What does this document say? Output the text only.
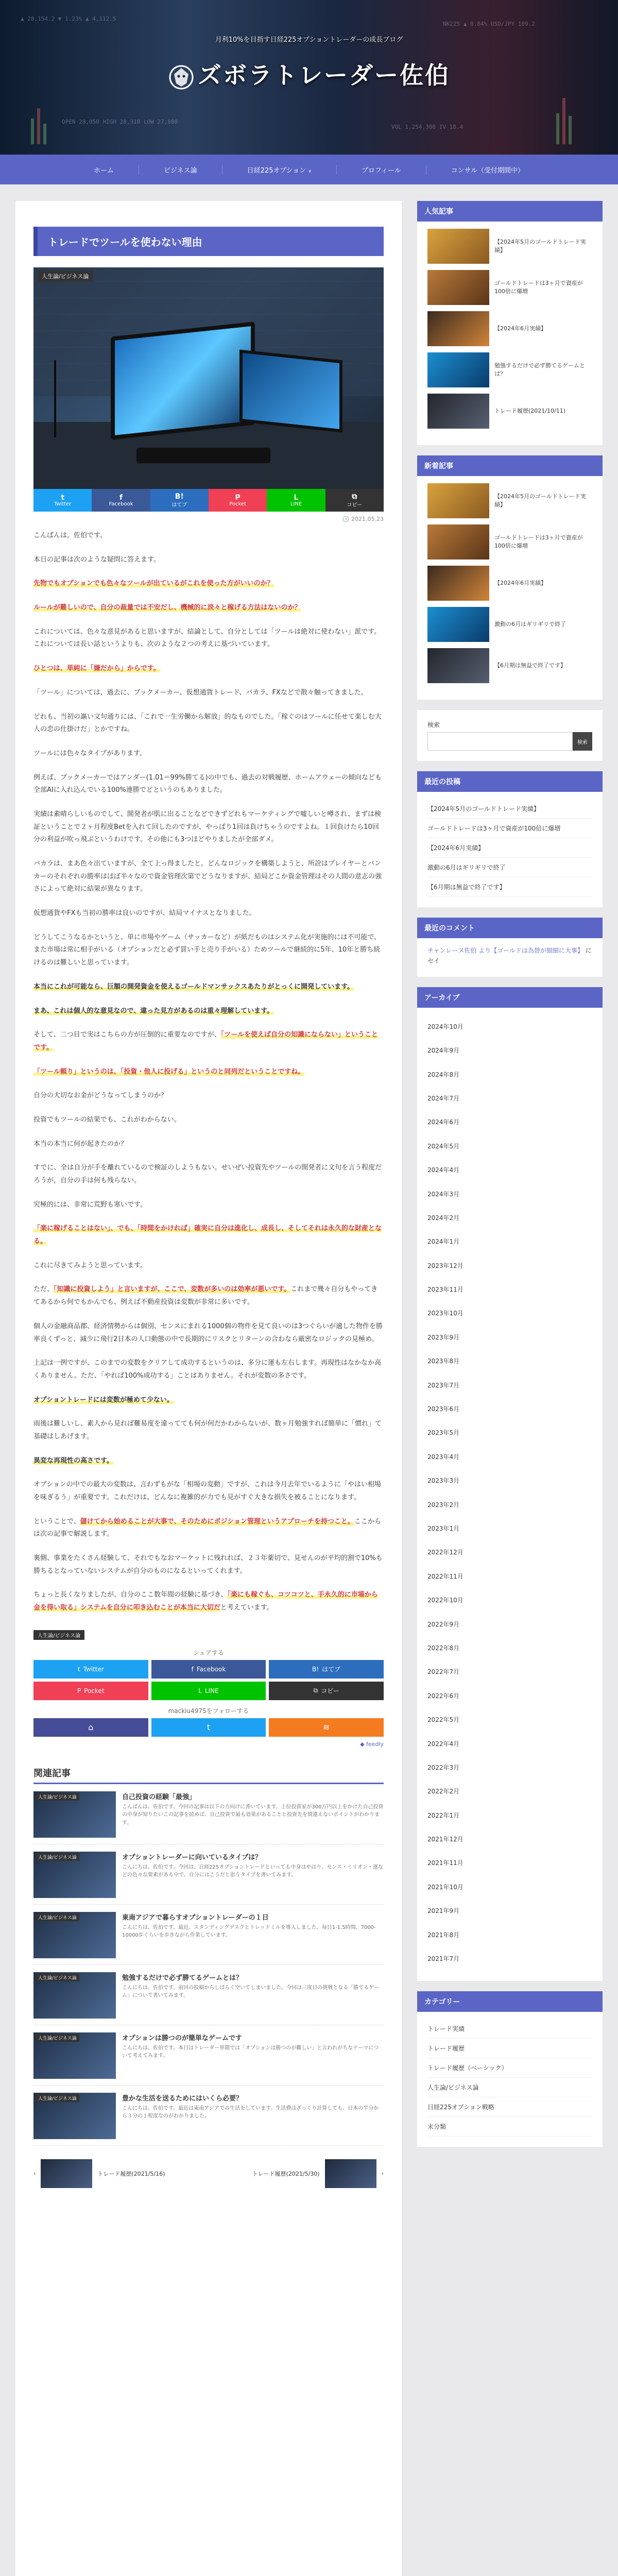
▲ 28,154.2 ▼ 1.23% ▲ 4,112.5
NK225 ▲ 0.84% USD/JPY 109.2
OPEN 28,050 HIGH 28,310 LOW 27,980
VOL 1,254,300 IV 18.4
月利10%を目指す日経225オプショントレーダーの成長ブログ
ズボラトレーダー佐伯
ホーム	ビジネス論	日経225オプション ∨	プロフィール	コンサル（受付期間中）
トレードでツールを使わない理由
人生論/ビジネス論
t
Twitter
f
Facebook
B!
はてブ
P
Pocket
L
LINE
⧉
コピー
🕓 2021.05.23

こんばんは。佐伯です。

本日の記事は次のような疑問に答えます。

先物でもオプションでも色々なツールが出ているがこれを使った方がいいのか？

ルールが難しいので、自分の裁量では不安だし、機械的に淡々と稼げる方法はないのか？

これについては、色々な意見があると思いますが、結論として、自分としては「ツールは絶対に使わない」派です。これについては長い話というよりも、次のような２つの考えに基づいています。

ひとつは、単純に「嫌だから」からです。

「ツール」については、過去に、ブックメーカー、仮想通貨トレード、バカラ、FXなどで散々触ってきました。

どれも、当初の謳い文句通りには、「これで一生労働から解放」的なものでした。「稼ぐのはツールに任せて楽しむ大人の恋の仕掛けだ」とかですね。

ツールには色々なタイプがあります。

例えば、ブックメーカーではアンダー(1.01＝99%勝てる)の中でも、過去の対戦履歴、ホームアウェーの傾向なども全部AIに入れ込んでいる100%連勝でどというのもありました。

実績は素晴らしいものでして、開発者が肌に出ることなどできずどれもマーケティングで嘘しいと噂され、まずは検証ということで２ヶ月程度Betを入れて回したのですが、やっぱり1回は負けちゃうのですよね。１回負けたら10回分の利益が吹っ飛ぶというわけです。その他にも3つほどやりましたが全部ダメ。

バカラは、まあ色々出ていますが、全て上っ得ましたと。どんなロジックを構築しようと、所詮はプレイヤーとバンカーのそれぞれの勝率はほぼ半々なので資金管理次第でどうなりますが、結局どこか資金管理はその人間の意志の強さによって絶対に結果が異なります。

仮想通貨やFXも当初の勝率は良いのですが、結局マイナスとなりました。

どうしてこうなるかというと、単に市場やゲーム（サッカーなど）が紙だものはシステム化が実施的には不可能で、また市場は常に相手がいる（オプションだと必ず買い手と売り手がいる）ためツールで継続的に5年、10年と勝ち続けるのは難しいと思っています。

本当にこれが可能なら、巨額の開発資金を使えるゴールドマンサックスあたりがとっくに開発しています。

まあ、これは個人的な意見なので、違った見方があるのは重々理解しています。

そして、二つ目で実はこちらの方が圧倒的に重要なのですが、「ツールを使えば自分の知識にならない」ということです。

「ツール頼り」というのは、「投資・他人に投げる」というのと同列だということですね。

自分の大切なお金がどうなってしまうのか？

投資でもツールの結果でも、これがわからない。

本当の本当に何が起きたのか？

すでに、全は自分が手を離れているので検証のしようもない。せいぜい投資先やツールの開発者に文句を言う程度だろうが，自分の手は何も残らない。

究極的には、非常に荒野も寒いです。

「楽に稼げることはない」、でも、「時間をかければ」確実に自分は進化し、成長し、そしてそれは永久的な財産となる。

これに尽きてみようと思っています。

ただ、「知識に投資しよう」と言いますが、ここで、変数が多いのは効率が悪いです。これまで幾々自分もやってきてあるから何でもかんでも、例えば不動産投資は変数が非常に多いです。

個人の金融商品郡、経済情勢からは個別、センスにまれる1000個の物件を見て良いのは3つぐらいが適した物件を勝率良くずっと、減少に飛行2日本の人口動態の中で長期的にリスクとリターンの合わなら厳密なロジックの見極め。

上記は一例ですが、このまでの変数をクリアして成功するというのは、多分に運も左右します。再現性はなかなか高くありません。ただ、「やれば100%成功する」ことはありません。それが変数の多さです。

オプショントレードには変数が極めて少ない。

雨後は難しいし、素人から見れば難易度を違ってても何が何だかわからないが、数ヶ月勉強すれば簡単に「慣れ」て基礎はしあげます。

異変な再現性の高さです。

オプションの中での最大の変数は、言わずもがな「相場の変動」ですが、これは今月去年でいるように「やはい相場を味ぎるう」が重要です。これだけは、どんなに複雑的が力でも見がすぐ大きな損失を被ることになります。

ということで、儲けてから始めることが大事で、そのためにポジション管理というアプローチを持つこと。ここからは次の記事で解説します。

裏側、事業をたくさん経験して、それでもなおマーケットに残れれば、２３年薬切で、見せんのが平均的割で10%も勝ちるとなっていないシステムが自分のものになるといってくれます。

ちょっと長くなりましたが、自分のここ数年間の経験に基づき、「楽にも稼ぐも、コツコツと、手永久的に市場から金を得い取る」システムを自分に叩き込むことが本当に大切だと考えています。

人生論/ビジネス論
シェアする
t Twitter	f Facebook	B! はてブ
P Pocket	L LINE	⧉ コピー
mackiu4975をフォローする
⌂	t	≋
◆ feedly
関連記事
人生論/ビジネス論	自己投資の経験「最強」
こんばんは、佐伯です。今回の記事は以下の方向けに書いています。上位投資家が300万円以上をかけた自己投資の中身が知りたいこの記事を読めば、自己投資で最も効果があることと投資先を間違えないポイントがわかります。
人生論/ビジネス論	オプショントレーダーに向いているタイプは？
こんにちは、佐伯です。今回は、日経225オプショントレードといっても中身はやはり、センス・ミリオン・運などの色々な要素がある中で、自分にはこうだと思うタイプを書いてみます。
人生論/ビジネス論	東南アジアで暮らすオプショントレーダーの１日
こんにちは、佐伯です。最近、スタンディングデスクとトレッドミルを導入しました。毎日1-1.5時間、7000-10000歩ぐらいを歩きながら作業しています。
人生論/ビジネス論	勉強するだけで必ず勝てるゲームとは？
こんにちは、佐伯です。前回の投稿からしばらく空いてしまいました。今回は三度目の挑戦となる「勝てるゲーム」について書いてみます。
人生論/ビジネス論	オプションは勝つのが簡単なゲームです
こんにちは、佐伯です。本日はトレーダー界隈では「オプションは勝つのが難しい」と言われがちなテーマについて考えてみます。
人生論/ビジネス論	豊かな生活を送るためにはいくら必要？
こんにちは、佐伯です。最近は東南アジアでの生活をしています。生活費はざっくり計算しても、日本の半分から３分の１程度なのがわかりました。
‹	トレード履歴(2021/5/16)	トレード履歴(2021/5/30)	›
人気記事
【2024年5月のゴールドトレード実績】
ゴールドトレードは3ヶ月で資産が100倍に爆増
【2024年6月実績】
勉強するだけで必ず勝てるゲームとは？
トレード履歴(2021/10/11)
新着記事
【2024年5月のゴールドトレード実績】
ゴールドトレードは3ヶ月で資産が100倍に爆増
【2024年6月実績】
激動の6月はギリギリで終了
【6月期は無益で終了です】
検索
検索
最近の投稿
【2024年5月のゴールドトレード実績】
ゴールドトレードは3ヶ月で資産が100倍に爆増
【2024年6月実績】
激動の6月はギリギリで終了
【6月期は無益で終了です】
最近のコメント
チャンレーヌ佐伯 より【ゴールドは為替が細細に大事】 にセイ
アーカイブ
2024年10月
2024年9月
2024年8月
2024年7月
2024年6月
2024年5月
2024年4月
2024年3月
2024年2月
2024年1月
2023年12月
2023年11月
2023年10月
2023年9月
2023年8月
2023年7月
2023年6月
2023年5月
2023年4月
2023年3月
2023年2月
2023年1月
2022年12月
2022年11月
2022年10月
2022年9月
2022年8月
2022年7月
2022年6月
2022年5月
2022年4月
2022年3月
2022年2月
2022年1月
2021年12月
2021年11月
2021年10月
2021年9月
2021年8月
2021年7月
カテゴリー
トレード実績
トレード履歴
トレード履歴（ベーシック）
人生論/ビジネス論
日経225オプション戦略
未分類
